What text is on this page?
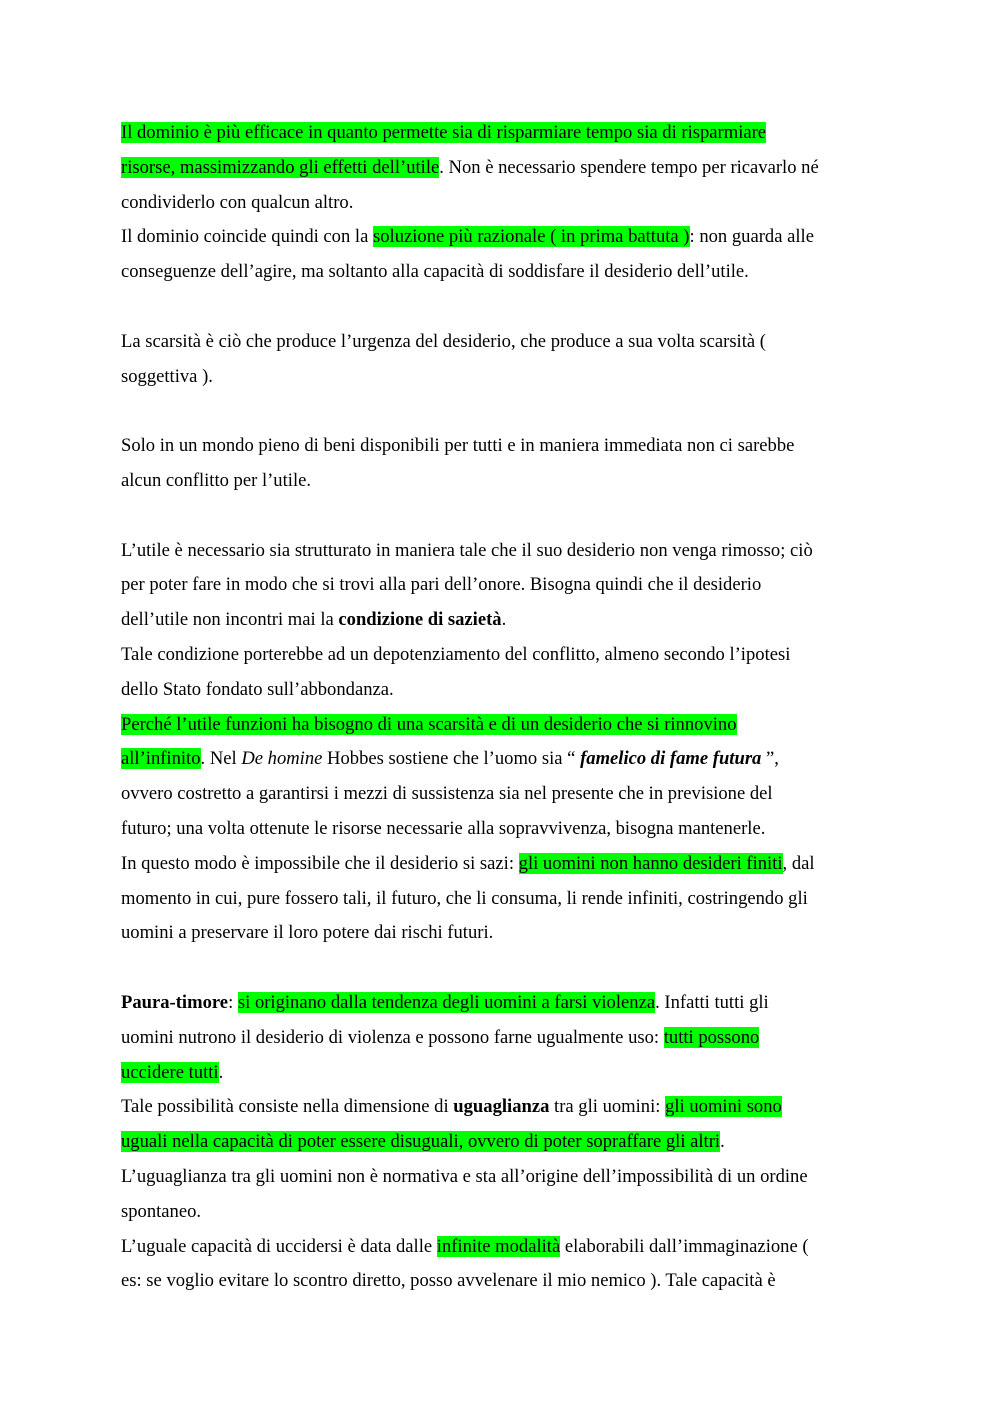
Il dominio è più efficace in quanto permette sia di risparmiare tempo sia di risparmiare
risorse, massimizzando gli effetti dell’utile. Non è necessario spendere tempo per ricavarlo né
condividerlo con qualcun altro.
Il dominio coincide quindi con la soluzione più razionale ( in prima battuta ): non guarda alle
conseguenze dell’agire, ma soltanto alla capacità di soddisfare il desiderio dell’utile.
La scarsità è ciò che produce l’urgenza del desiderio, che produce a sua volta scarsità (
soggettiva ).
Solo in un mondo pieno di beni disponibili per tutti e in maniera immediata non ci sarebbe
alcun conflitto per l’utile.
L’utile è necessario sia strutturato in maniera tale che il suo desiderio non venga rimosso; ciò
per poter fare in modo che si trovi alla pari dell’onore. Bisogna quindi che il desiderio
dell’utile non incontri mai la condizione di sazietà.
Tale condizione porterebbe ad un depotenziamento del conflitto, almeno secondo l’ipotesi
dello Stato fondato sull’abbondanza.
Perché l’utile funzioni ha bisogno di una scarsità e di un desiderio che si rinnovino
all’infinito. Nel De homine Hobbes sostiene che l’uomo sia “ famelico di fame futura ”,
ovvero costretto a garantirsi i mezzi di sussistenza sia nel presente che in previsione del
futuro; una volta ottenute le risorse necessarie alla sopravvivenza, bisogna mantenerle.
In questo modo è impossibile che il desiderio si sazi: gli uomini non hanno desideri finiti, dal
momento in cui, pure fossero tali, il futuro, che li consuma, li rende infiniti, costringendo gli
uomini a preservare il loro potere dai rischi futuri.
Paura-timore: si originano dalla tendenza degli uomini a farsi violenza. Infatti tutti gli
uomini nutrono il desiderio di violenza e possono farne ugualmente uso: tutti possono
uccidere tutti.
Tale possibilità consiste nella dimensione di uguaglianza tra gli uomini: gli uomini sono
uguali nella capacità di poter essere disuguali, ovvero di poter sopraffare gli altri.
L’uguaglianza tra gli uomini non è normativa e sta all’origine dell’impossibilità di un ordine
spontaneo.
L’uguale capacità di uccidersi è data dalle infinite modalità elaborabili dall’immaginazione (
es: se voglio evitare lo scontro diretto, posso avvelenare il mio nemico ). Tale capacità è
